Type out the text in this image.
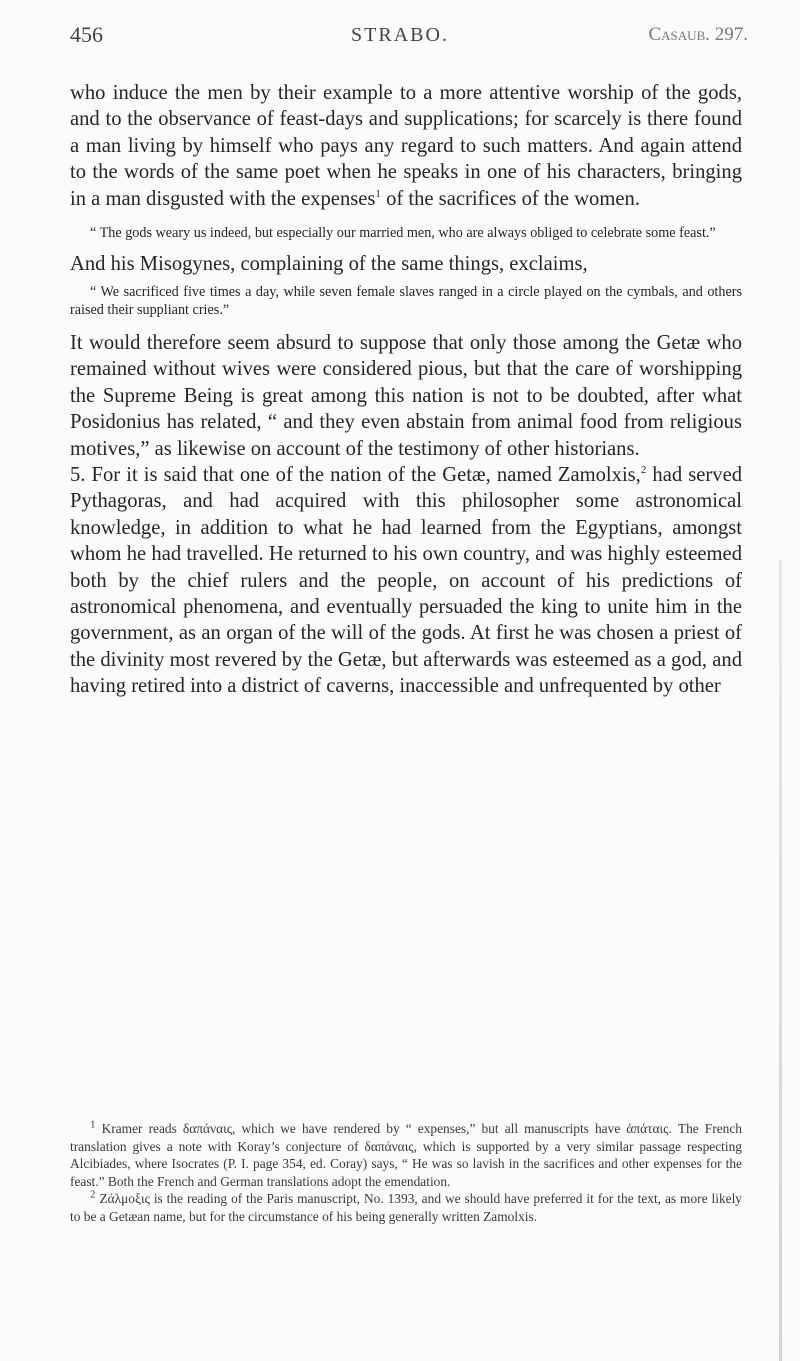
456	STRABO.	Casaub. 297.

who induce the men by their example to a more attentive worship of the gods, and to the observance of feast-days and supplications; for scarcely is there found a man living by himself who pays any regard to such matters. And again attend to the words of the same poet when he speaks in one of his characters, bringing in a man disgusted with the expenses$^1$ of the sacrifices of the women.

“ The gods weary us indeed, but especially our married men, who are always obliged to celebrate some feast.”

And his Misogynes, complaining of the same things, exclaims,

“ We sacrificed five times a day, while seven female slaves ranged in a circle played on the cymbals, and others raised their suppliant cries.”

It would therefore seem absurd to suppose that only those among the Getæ who remained without wives were considered pious, but that the care of worshipping the Supreme Being is great among this nation is not to be doubted, after what Posidonius has related, “ and they even abstain from animal food from religious motives,” as likewise on account of the testimony of other historians.

5. For it is said that one of the nation of the Getæ, named Zamolxis,$^2$ had served Pythagoras, and had acquired with this philosopher some astronomical knowledge, in addition to what he had learned from the Egyptians, amongst whom he had travelled. He returned to his own country, and was highly esteemed both by the chief rulers and the people, on account of his predictions of astronomical phenomena, and eventually persuaded the king to unite him in the government, as an organ of the will of the gods. At first he was chosen a priest of the divinity most revered by the Getæ, but afterwards was esteemed as a god, and having retired into a district of caverns, inaccessible and unfrequented by other

$^1$ Kramer reads δαπάναις, which we have rendered by “ expenses,” but all manuscripts have ἀπάταις. The French translation gives a note with Koray’s conjecture of δαπάναις, which is supported by a very similar passage respecting Alcibiades, where Isocrates (P. I. page 354, ed. Coray) says, “ He was so lavish in the sacrifices and other expenses for the feast.” Both the French and German translations adopt the emendation.

$^2$ Ζάλμοξις is the reading of the Paris manuscript, No. 1393, and we should have preferred it for the text, as more likely to be a Getæan name, but for the circumstance of his being generally written Zamolxis.
